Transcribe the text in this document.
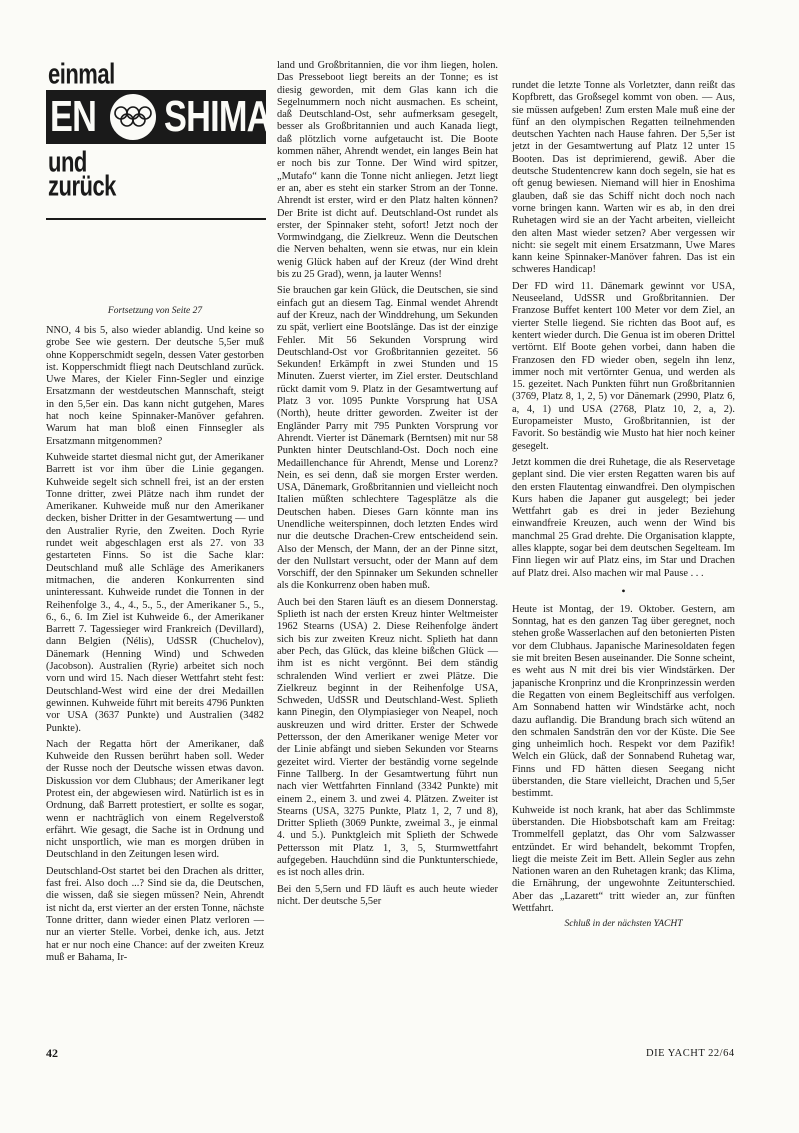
einmal
EN SHIMA
und
zurück
Fortsetzung von Seite 27

NNO, 4 bis 5, also wieder ablandig. Und keine so grobe See wie gestern. Der deutsche 5,5er muß ohne Kopperschmidt segeln, dessen Vater gestorben ist. Kopperschmidt fliegt nach Deutschland zurück. Uwe Mares, der Kieler Finn-Segler und einzige Ersatzmann der westdeutschen Mannschaft, steigt in den 5,5er ein. Das kann nicht gutgehen, Mares hat noch keine Spinnaker-Manöver gefahren. Warum hat man bloß einen Finnsegler als Ersatzmann mitgenommen?

Kuhweide startet diesmal nicht gut, der Amerikaner Barrett ist vor ihm über die Linie gegangen. Kuhweide segelt sich schnell frei, ist an der ersten Tonne dritter, zwei Plätze nach ihm rundet der Amerikaner. Kuhweide muß nur den Amerikaner decken, bisher Dritter in der Gesamtwertung — und den Australier Ryrie, den Zweiten. Doch Ryrie rundet weit abgeschlagen erst als 27. von 33 gestarteten Finns. So ist die Sache klar: Deutschland muß alle Schläge des Amerikaners mitmachen, die anderen Konkurrenten sind uninteressant. Kuhweide rundet die Tonnen in der Reihenfolge 3., 4., 4., 5., 5., der Amerikaner 5., 5., 6., 6., 6. Im Ziel ist Kuhweide 6., der Amerikaner Barrett 7. Tagessieger wird Frankreich (Devillard), dann Belgien (Nélis), UdSSR (Chuchelov), Dänemark (Henning Wind) und Schweden (Jacobson). Australien (Ryrie) arbeitet sich noch vorn und wird 15. Nach dieser Wettfahrt steht fest: Deutschland-West wird eine der drei Medaillen gewinnen. Kuhweide führt mit bereits 4796 Punkten vor USA (3637 Punkte) und Australien (3482 Punkte).

Nach der Regatta hört der Amerikaner, daß Kuhweide den Russen berührt haben soll. Weder der Russe noch der Deutsche wissen etwas davon. Diskussion vor dem Clubhaus; der Amerikaner legt Protest ein, der abgewiesen wird. Natürlich ist es in Ordnung, daß Barrett protestiert, er sollte es sogar, wenn er nachträglich von einem Regelverstoß erfährt. Wie gesagt, die Sache ist in Ordnung und nicht unsportlich, wie man es morgen drüben in Deutschland in den Zeitungen lesen wird.

Deutschland-Ost startet bei den Drachen als dritter, fast frei. Also doch ...? Sind sie da, die Deutschen, die wissen, daß sie siegen müssen? Nein, Ahrendt ist nicht da, erst vierter an der ersten Tonne, nächste Tonne dritter, dann wieder einen Platz verloren — nur an vierter Stelle. Vorbei, denke ich, aus. Jetzt hat er nur noch eine Chance: auf der zweiten Kreuz muß er Bahama, Ir-

land und Großbritannien, die vor ihm liegen, holen. Das Presseboot liegt bereits an der Tonne; es ist diesig geworden, mit dem Glas kann ich die Segelnummern noch nicht ausmachen. Es scheint, daß Deutschland-Ost, sehr aufmerksam gesegelt, besser als Großbritannien und auch Kanada liegt, daß plötzlich vorne aufgetaucht ist. Die Boote kommen näher, Ahrendt wendet, ein langes Bein hat er noch bis zur Tonne. Der Wind wird spitzer, „Mutafo“ kann die Tonne nicht anliegen. Jetzt liegt er an, aber es steht ein starker Strom an der Tonne. Ahrendt ist erster, wird er den Platz halten können? Der Brite ist dicht auf. Deutschland-Ost rundet als erster, der Spinnaker steht, sofort! Jetzt noch der Vormwindgang, die Zielkreuz. Wenn die Deutschen die Nerven behalten, wenn sie etwas, nur ein klein wenig Glück haben auf der Kreuz (der Wind dreht bis zu 25 Grad), wenn, ja lauter Wenns!

Sie brauchen gar kein Glück, die Deutschen, sie sind einfach gut an diesem Tag. Einmal wendet Ahrendt auf der Kreuz, nach der Winddrehung, um Sekunden zu spät, verliert eine Bootslänge. Das ist der einzige Fehler. Mit 56 Sekunden Vorsprung wird Deutschland-Ost vor Großbritannien gezeitet. 56 Sekunden! Erkämpft in zwei Stunden und 15 Minuten. Zuerst vierter, im Ziel erster. Deutschland rückt damit vom 9. Platz in der Gesamtwertung auf Platz 3 vor. 1095 Punkte Vorsprung hat USA (North), heute dritter geworden. Zweiter ist der Engländer Parry mit 795 Punkten Vorsprung vor Ahrendt. Vierter ist Dänemark (Berntsen) mit nur 58 Punkten hinter Deutschland-Ost. Doch noch eine Medaillenchance für Ahrendt, Mense und Lorenz? Nein, es sei denn, daß sie morgen Erster werden. USA, Dänemark, Großbritannien und vielleicht noch Italien müßten schlechtere Tagesplätze als die Deutschen haben. Dieses Garn könnte man ins Unendliche weiterspinnen, doch letzten Endes wird nur die deutsche Drachen-Crew entscheidend sein. Also der Mensch, der Mann, der an der Pinne sitzt, der den Nullstart versucht, oder der Mann auf dem Vorschiff, der den Spinnaker um Sekunden schneller als die Konkurrenz oben haben muß.

Auch bei den Staren läuft es an diesem Donnerstag. Splieth ist nach der ersten Kreuz hinter Weltmeister 1962 Stearns (USA) 2. Diese Reihenfolge ändert sich bis zur zweiten Kreuz nicht. Splieth hat dann aber Pech, das Glück, das kleine bißchen Glück — ihm ist es nicht vergönnt. Bei dem ständig schralenden Wind verliert er zwei Plätze. Die Zielkreuz beginnt in der Reihenfolge USA, Schweden, UdSSR und Deutschland-West. Splieth kann Pinegin, den Olympiasieger von Neapel, noch auskreuzen und wird dritter. Erster der Schwede Pettersson, der den Amerikaner wenige Meter vor der Linie abfängt und sieben Sekunden vor Stearns gezeitet wird. Vierter der beständig vorne segelnde Finne Tallberg. In der Gesamtwertung führt nun nach vier Wettfahrten Finnland (3342 Punkte) mit einem 2., einem 3. und zwei 4. Plätzen. Zweiter ist Stearns (USA, 3275 Punkte, Platz 1, 2, 7 und 8), Dritter Splieth (3069 Punkte, zweimal 3., je einmal 4. und 5.). Punktgleich mit Splieth der Schwede Pettersson mit Platz 1, 3, 5, Sturmwettfahrt aufgegeben. Hauchdünn sind die Punktunterschiede, es ist noch alles drin.

Bei den 5,5ern und FD läuft es auch heute wieder nicht. Der deutsche 5,5er

rundet die letzte Tonne als Vorletzter, dann reißt das Kopfbrett, das Großsegel kommt von oben. — Aus, sie müssen aufgeben! Zum ersten Male muß eine der fünf an den olympischen Regatten teilnehmenden deutschen Yachten nach Hause fahren. Der 5,5er ist jetzt in der Gesamtwertung auf Platz 12 unter 15 Booten. Das ist deprimierend, gewiß. Aber die deutsche Studentencrew kann doch segeln, sie hat es oft genug bewiesen. Niemand will hier in Enoshima glauben, daß sie das Schiff nicht doch noch nach vorne bringen kann. Warten wir es ab, in den drei Ruhetagen wird sie an der Yacht arbeiten, vielleicht den alten Mast wieder setzen? Aber vergessen wir nicht: sie segelt mit einem Ersatzmann, Uwe Mares kann keine Spinnaker-Manöver fahren. Das ist ein schweres Handicap!

Der FD wird 11. Dänemark gewinnt vor USA, Neuseeland, UdSSR und Großbritannien. Der Franzose Buffet kentert 100 Meter vor dem Ziel, an vierter Stelle liegend. Sie richten das Boot auf, es kentert wieder durch. Die Genua ist im oberen Drittel vertörnt. Elf Boote gehen vorbei, dann haben die Franzosen den FD wieder oben, segeln ihn lenz, immer noch mit vertörnter Genua, und werden als 15. gezeitet. Nach Punkten führt nun Großbritannien (3769, Platz 8, 1, 2, 5) vor Dänemark (2990, Platz 6, a, 4, 1) und USA (2768, Platz 10, 2, a, 2). Europameister Musto, Großbritannien, ist der Favorit. So beständig wie Musto hat hier noch keiner gesegelt.

Jetzt kommen die drei Ruhetage, die als Reservetage geplant sind. Die vier ersten Regatten waren bis auf den ersten Flautentag einwandfrei. Den olympischen Kurs haben die Japaner gut ausgelegt; bei jeder Wettfahrt gab es drei in jeder Beziehung einwandfreie Kreuzen, auch wenn der Wind bis manchmal 25 Grad drehte. Die Organisation klappte, alles klappte, sogar bei dem deutschen Segelteam. Im Finn liegen wir auf Platz eins, im Star und Drachen auf Platz drei. Also machen wir mal Pause . . .

•

Heute ist Montag, der 19. Oktober. Gestern, am Sonntag, hat es den ganzen Tag über geregnet, noch stehen große Wasserlachen auf den betonierten Pisten vor dem Clubhaus. Japanische Marinesoldaten fegen sie mit breiten Besen auseinander. Die Sonne scheint, es weht aus N mit drei bis vier Windstärken. Der japanische Kronprinz und die Kronprinzessin werden die Regatten von einem Begleitschiff aus verfolgen. Am Sonnabend hatten wir Windstärke acht, noch dazu auflandig. Die Brandung brach sich wütend an den schmalen Sandsträn den vor der Küste. Die See ging unheimlich hoch. Respekt vor dem Pazifik! Welch ein Glück, daß der Sonnabend Ruhetag war, Finns und FD hätten diesen Seegang nicht überstanden, die Stare vielleicht, Drachen und 5,5er bestimmt.

Kuhweide ist noch krank, hat aber das Schlimmste überstanden. Die Hiobsbotschaft kam am Freitag: Trommelfell geplatzt, das Ohr vom Salzwasser entzündet. Er wird behandelt, bekommt Tropfen, liegt die meiste Zeit im Bett. Allein Segler aus zehn Nationen waren an den Ruhetagen krank; das Klima, die Ernährung, der ungewohnte Zeitunterschied. Aber das „Lazarett“ tritt wieder an, zur fünften Wettfahrt.

Schluß in der nächsten YACHT
42	DIE YACHT 22/64
